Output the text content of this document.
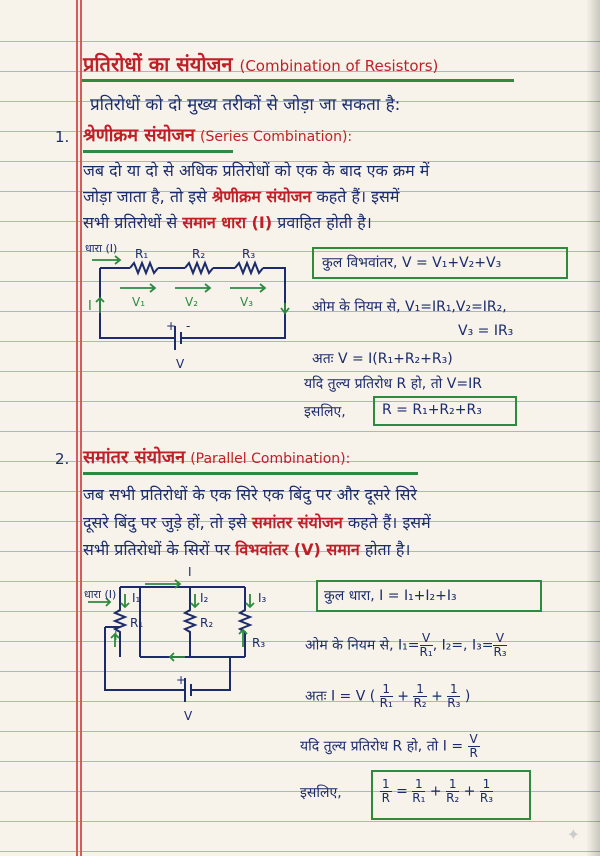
प्रतिरोधों का संयोजन (Combination of Resistors)
प्रतिरोधों को दो मुख्य तरीकों से जोड़ा जा सकता है:
1. श्रेणीक्रम संयोजन (Series Combination):
जब दो या दो से अधिक प्रतिरोधों को एक के बाद एक क्रम में
जोड़ा जाता है, तो इसे श्रेणीक्रम संयोजन कहते हैं। इसमें
सभी प्रतिरोधों से समान धारा (I) प्रवाहित होती है।
धारा (I) R₁	R₂	R₃
V₁	V₂	V₃
I
+ -
V
कुल विभवांतर, V = V₁+V₂+V₃
ओम के नियम से, V₁=IR₁,V₂=IR₂,
V₃ = IR₃
अतः V = I(R₁+R₂+R₃)
यदि तुल्य प्रतिरोध R हो, तो V=IR
इसलिए,	R = R₁+R₂+R₃
2. समांतर संयोजन (Parallel Combination):
जब सभी प्रतिरोधों के एक सिरे एक बिंदु पर और दूसरे सिरे
दूसरे बिंदु पर जुड़े हों, तो इसे समांतर संयोजन कहते हैं। इसमें
सभी प्रतिरोधों के सिरों पर विभवांतर (V) समान होता है।
धारा (I)
I
I₁	I₂	I₃
R₁	R₂
R₃
I
+
V
कुल धारा, I = I₁+I₂+I₃
ओम के नियम से, $I_1= \frac{V}{\text{R₁}}$ , I₂=, $I_3= \frac{V}{\text{R₃}}$
अतः I = V ( $\frac{1}{\text{R₁}} + \frac{1}{\text{R₂}} + \frac{1}{\text{R₃}}$ )
यदि तुल्य प्रतिरोध R हो, तो $I = \frac{V}{R}$
इसलिए,	$\frac{1}{R} = \frac{1}{\text{R₁}} + \frac{1}{\text{R₂}} + \frac{1}{\text{R₃}}$
✦
